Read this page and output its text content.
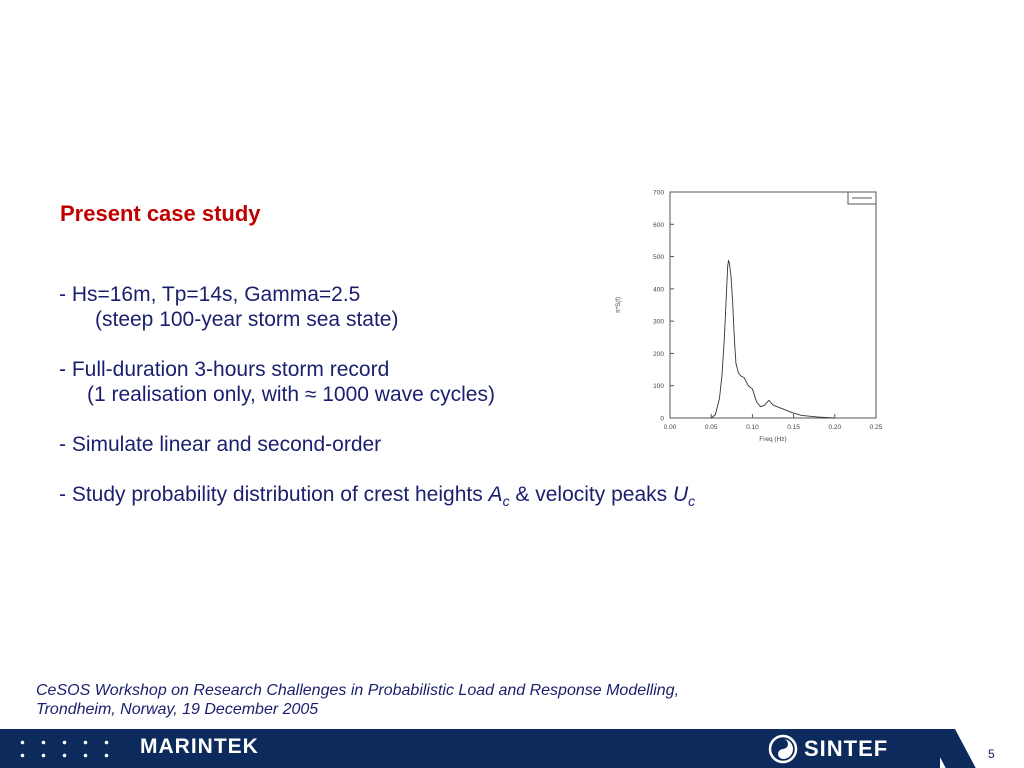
Present case study
- Hs=16m, Tp=14s, Gamma=2.5
(steep 100-year storm sea state)
- Full-duration 3-hours storm record
(1 realisation only, with ≈ 1000 wave cycles)
- Simulate linear and second-order
- Study probability distribution of crest heights $A_c$ & velocity peaks $U_c$
0
100
200
300
400
500
600
700
0.00	0.05	0.10	0.15	0.20	0.25
Freq (Hz)
π*S(f)
CeSOS Workshop on Research Challenges in Probabilistic Load and Response Modelling,
Trondheim, Norway, 19 December 2005
MARINTEK	SINTEF	5
